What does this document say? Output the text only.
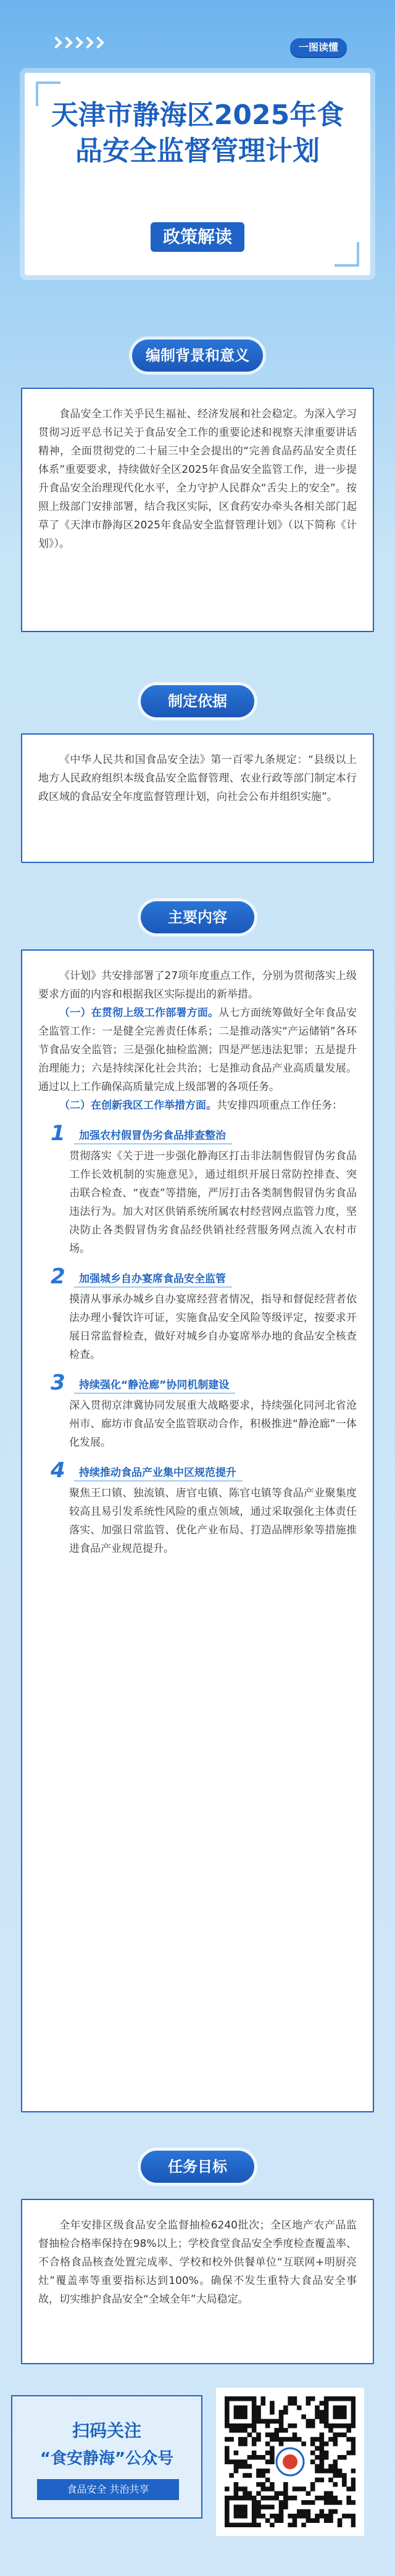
一图读懂
天津市静海区2025年食品安全监督管理计划
政策解读
编制背景和意义

食品安全工作关乎民生福祉、经济发展和社会稳定。为深入学习贯彻习近平总书记关于食品安全工作的重要论述和视察天津重要讲话精神，全面贯彻党的二十届三中全会提出的“完善食品药品安全责任体系”重要要求，持续做好全区2025年食品安全监管工作，进一步提升食品安全治理现代化水平，全力守护人民群众“舌尖上的安全”。按照上级部门安排部署，结合我区实际，区食药安办牵头各相关部门起草了《天津市静海区2025年食品安全监督管理计划》（以下简称《计划》）。

制定依据

《中华人民共和国食品安全法》第一百零九条规定：“县级以上地方人民政府组织本级食品安全监督管理、农业行政等部门制定本行政区域的食品安全年度监督管理计划，向社会公布并组织实施”。

主要内容

《计划》共安排部署了27项年度重点工作，分别为贯彻落实上级要求方面的内容和根据我区实际提出的新举措。

（一）在贯彻上级工作部署方面。从七方面统筹做好全年食品安全监管工作：一是健全完善责任体系；二是推动落实“产运储销”各环节食品安全监管；三是强化抽检监测；四是严惩违法犯罪；五是提升治理能力；六是持续深化社会共治；七是推动食品产业高质量发展。通过以上工作确保高质量完成上级部署的各项任务。

（二）在创新我区工作举措方面。共安排四项重点工作任务：

1	加强农村假冒伪劣食品排查整治

贯彻落实《关于进一步强化静海区打击非法制售假冒伪劣食品工作长效机制的实施意见》，通过组织开展日常防控排查、突击联合检查、“夜查”等措施，严厉打击各类制售假冒伪劣食品违法行为。加大对区供销系统所属农村经营网点监管力度，坚决防止各类假冒伪劣食品经供销社经营服务网点流入农村市场。

2	加强城乡自办宴席食品安全监管

摸清从事承办城乡自办宴席经营者情况，指导和督促经营者依法办理小餐饮许可证，实施食品安全风险等级评定，按要求开展日常监督检查，做好对城乡自办宴席举办地的食品安全核查检查。

3	持续强化“静沧廊”协同机制建设

深入贯彻京津冀协同发展重大战略要求，持续强化同河北省沧州市、廊坊市食品安全监管联动合作，积极推进“静沧廊”一体化发展。

4	持续推动食品产业集中区规范提升

聚焦王口镇、独流镇、唐官屯镇、陈官屯镇等食品产业聚集度较高且易引发系统性风险的重点领域，通过采取强化主体责任落实、加强日常监管、优化产业布局、打造品牌形象等措施推进食品产业规范提升。

任务目标

全年安排区级食品安全监督抽检6240批次；全区地产农产品监督抽检合格率保持在98%以上；学校食堂食品安全季度检查覆盖率、不合格食品核查处置完成率、学校和校外供餐单位“互联网+明厨亮灶”覆盖率等重要指标达到100%。确保不发生重特大食品安全事故，切实维护食品安全“全域全年”大局稳定。

扫码关注
“食安静海”公众号
食品安全 共治共享
